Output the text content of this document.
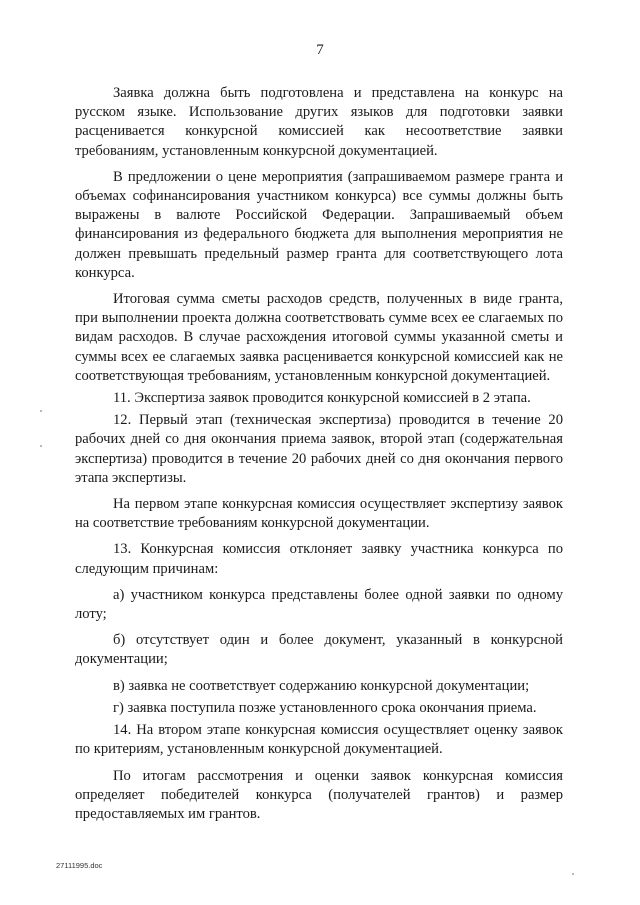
7

Заявка должна быть подготовлена и представлена на конкурс на русском языке. Использование других языков для подготовки заявки расценивается конкурсной комиссией как несоответствие заявки требованиям, установленным конкурсной документацией.

В предложении о цене мероприятия (запрашиваемом размере гранта и объемах софинансирования участником конкурса) все суммы должны быть выражены в валюте Российской Федерации. Запрашиваемый объем финансирования из федерального бюджета для выполнения мероприятия не должен превышать предельный размер гранта для соответствующего лота конкурса.

Итоговая сумма сметы расходов средств, полученных в виде гранта, при выполнении проекта должна соответствовать сумме всех ее слагаемых по видам расходов. В случае расхождения итоговой суммы указанной сметы и суммы всех ее слагаемых заявка расценивается конкурсной комиссией как не соответствующая требованиям, установленным конкурсной документацией.

11. Экспертиза заявок проводится конкурсной комиссией в 2 этапа.

12. Первый этап (техническая экспертиза) проводится в течение 20 рабочих дней со дня окончания приема заявок, второй этап (содержательная экспертиза) проводится в течение 20 рабочих дней со дня окончания первого этапа экспертизы.

На первом этапе конкурсная комиссия осуществляет экспертизу заявок на соответствие требованиям конкурсной документации.

13. Конкурсная комиссия отклоняет заявку участника конкурса по следующим причинам:

а) участником конкурса представлены более одной заявки по одному лоту;

б) отсутствует один и более документ, указанный в конкурсной документации;

в) заявка не соответствует содержанию конкурсной документации;

г) заявка поступила позже установленного срока окончания приема.

14. На втором этапе конкурсная комиссия осуществляет оценку заявок по критериям, установленным конкурсной документацией.

По итогам рассмотрения и оценки заявок конкурсная комиссия определяет победителей конкурса (получателей грантов) и размер предоставляемых им грантов.

27111995.doc
